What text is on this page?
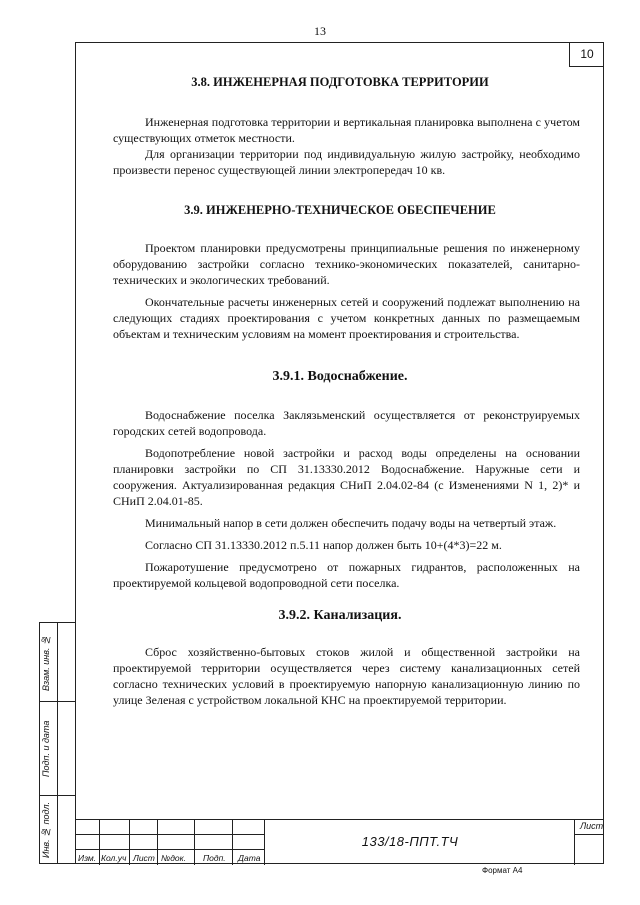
13
10
3.8. ИНЖЕНЕРНАЯ ПОДГОТОВКА ТЕРРИТОРИИ

Инженерная подготовка территории и вертикальная планировка выполнена с учетом существующих отметок местности.

Для организации территории под индивидуальную жилую застройку, необходимо произвести перенос существующей линии электропередач 10 кв.

3.9. ИНЖЕНЕРНО-ТЕХНИЧЕСКОЕ ОБЕСПЕЧЕНИЕ

Проектом планировки предусмотрены принципиальные решения по инженерному оборудованию застройки согласно технико-экономических показателей, санитарно-технических и экологических требований.

Окончательные расчеты инженерных сетей и сооружений подлежат выполнению на следующих стадиях проектирования с учетом конкретных данных по размещаемым объектам и техническим условиям на момент проектирования и строительства.

3.9.1. Водоснабжение.

Водоснабжение поселка Заклязьменский осуществляется от реконструируемых городских сетей водопровода.

Водопотребление новой застройки и расход воды определены на основании планировки застройки по СП 31.13330.2012 Водоснабжение. Наружные сети и сооружения. Актуализированная редакция СНиП 2.04.02-84 (с Изменениями N 1, 2)* и СНиП 2.04.01-85.

Минимальный напор в сети должен обеспечить подачу воды на четвертый этаж.

Согласно СП 31.13330.2012 п.5.11 напор должен быть 10+(4*3)=22 м.

Пожаротушение предусмотрено от пожарных гидрантов, расположенных на проектируемой кольцевой водопроводной сети поселка.

3.9.2. Канализация.

Сброс хозяйственно-бытовых стоков жилой и общественной застройки на проектируемой территории осуществляется через систему канализационных сетей согласно технических условий в проектируемую напорную канализационную линию по улице Зеленая с устройством локальной КНС на проектируемой территории.

Взам. инв. №
Подп. и дата
Инв. № подл.	Изм. Кол.уч Лист №док. Подп. Дата
133/18-ППТ.ТЧ
Лист
Формат А4
